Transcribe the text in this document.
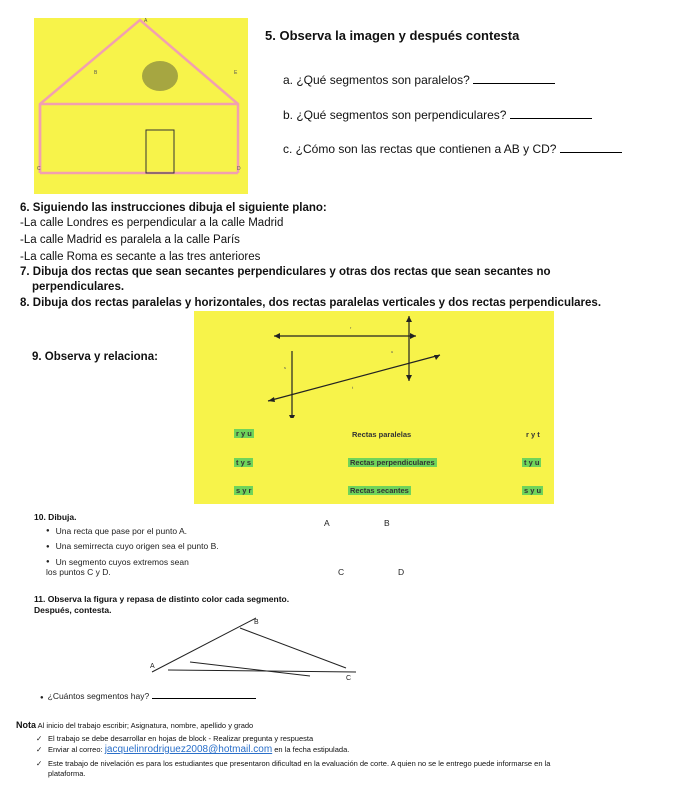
A
B	E
C	D
5. Observa la imagen y después contesta
a. ¿Qué segmentos son paralelos?
b. ¿Qué segmentos son perpendiculares?
c. ¿Cómo son las rectas que contienen a AB y CD?
6. Siguiendo las instrucciones dibuja el siguiente plano:
-La calle Londres es perpendicular a la calle Madrid
-La calle Madrid es paralela a la calle París
-La calle Roma es secante a las tres anteriores
7. Dibuja dos rectas que sean secantes perpendiculares y otras dos rectas que sean secantes no
perpendiculares.
8. Dibuja dos rectas paralelas y horizontales, dos rectas paralelas verticales y dos rectas perpendiculares.
9. Observa y relaciona:
r
s
t
u
r y u	Rectas paralelas	r y t
t y s	Rectas perpendiculares	t y u
s y r	Rectas secantes	s y u
10. Dibuja.
● Una recta que pase por el punto A.
● Una semirrecta cuyo origen sea el punto B.
● Un segmento cuyos extremos sean
los puntos C y D.
A	B
C	D
11. Observa la figura y repasa de distinto color cada segmento.
Después, contesta.
B
A
C
● ¿Cuántos segmentos hay?
Nota Al inicio del trabajo escribir; Asignatura, nombre, apellido y grado
✓ El trabajo se debe desarrollar en hojas de block - Realizar pregunta y respuesta
✓ Enviar al correo: jacquelinrodriguez2008@hotmail.com en la fecha estipulada.
✓ Este trabajo de nivelación es para los estudiantes que presentaron dificultad en la evaluación de corte. A quien no se le entrego puede informarse en la
plataforma.
